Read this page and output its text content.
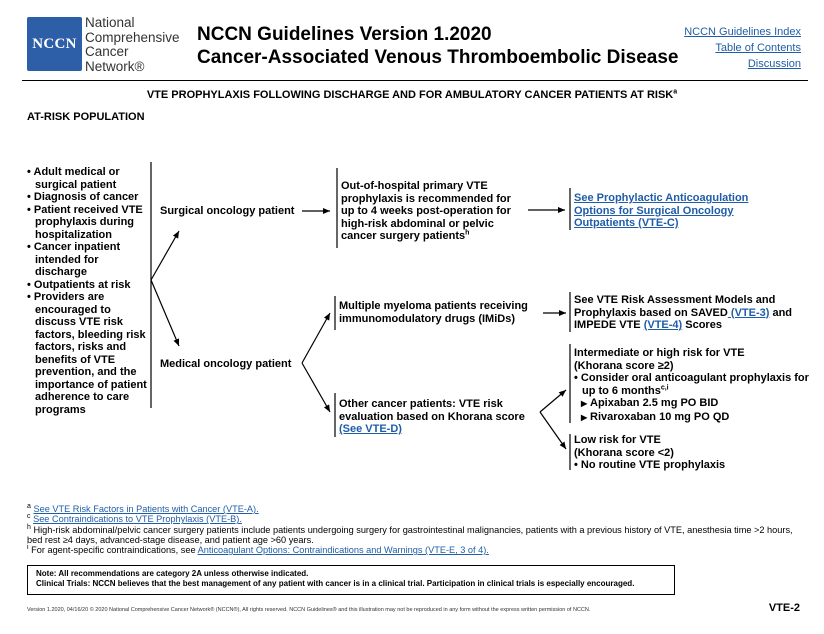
NCCN
National
Comprehensive
Cancer
Network®
NCCN Guidelines Version 1.2020
Cancer-Associated Venous Thromboembolic Disease
NCCN Guidelines Index
Table of Contents
Discussion
VTE PROPHYLAXIS FOLLOWING DISCHARGE AND FOR AMBULATORY CANCER PATIENTS AT RISK$^a$
AT-RISK POPULATION
• Adult medical or surgical patient
• Diagnosis of cancer
• Patient received VTE prophylaxis during hospitalization
• Cancer inpatient intended for discharge
• Outpatients at risk
• Providers are encouraged to discuss VTE risk factors, bleeding risk factors, risks and benefits of VTE prevention, and the importance of patient adherence to care programs
Surgical oncology patient
Out-of-hospital primary VTE prophylaxis is recommended for up to 4 weeks post-operation for high-risk abdominal or pelvic cancer surgery patients$^h$
See Prophylactic Anticoagulation Options for Surgical Oncology Outpatients (VTE-C)
Medical oncology patient
Multiple myeloma patients receiving immunomodulatory drugs (IMiDs)
See VTE Risk Assessment Models and Prophylaxis based on SAVED (VTE-3) and IMPEDE VTE (VTE-4) Scores
Other cancer patients: VTE risk evaluation based on Khorana score
(See VTE-D)
Intermediate or high risk for VTE
(Khorana score ≥2)
• Consider oral anticoagulant prophylaxis for up to 6 months$^{c,i}$
▶ Apixaban 2.5 mg PO BID
▶ Rivaroxaban 10 mg PO QD
Low risk for VTE
(Khorana score <2)
• No routine VTE prophylaxis
$^a$ See VTE Risk Factors in Patients with Cancer (VTE-A).
$^c$ See Contraindications to VTE Prophylaxis (VTE-B).
$^h$ High-risk abdominal/pelvic cancer surgery patients include patients undergoing surgery for gastrointestinal malignancies, patients with a previous history of VTE, anesthesia time >2 hours, bed rest ≥4 days, advanced-stage disease, and patient age >60 years.
$^i$ For agent-specific contraindications, see Anticoagulant Options: Contraindications and Warnings (VTE-E, 3 of 4).
Note: All recommendations are category 2A unless otherwise indicated.
Clinical Trials: NCCN believes that the best management of any patient with cancer is in a clinical trial. Participation in clinical trials is especially encouraged.
Version 1.2020, 04/16/20 © 2020 National Comprehensive Cancer Network® (NCCN®), All rights reserved. NCCN Guidelines® and this illustration may not be reproduced in any form without the express written permission of NCCN.	VTE-2
